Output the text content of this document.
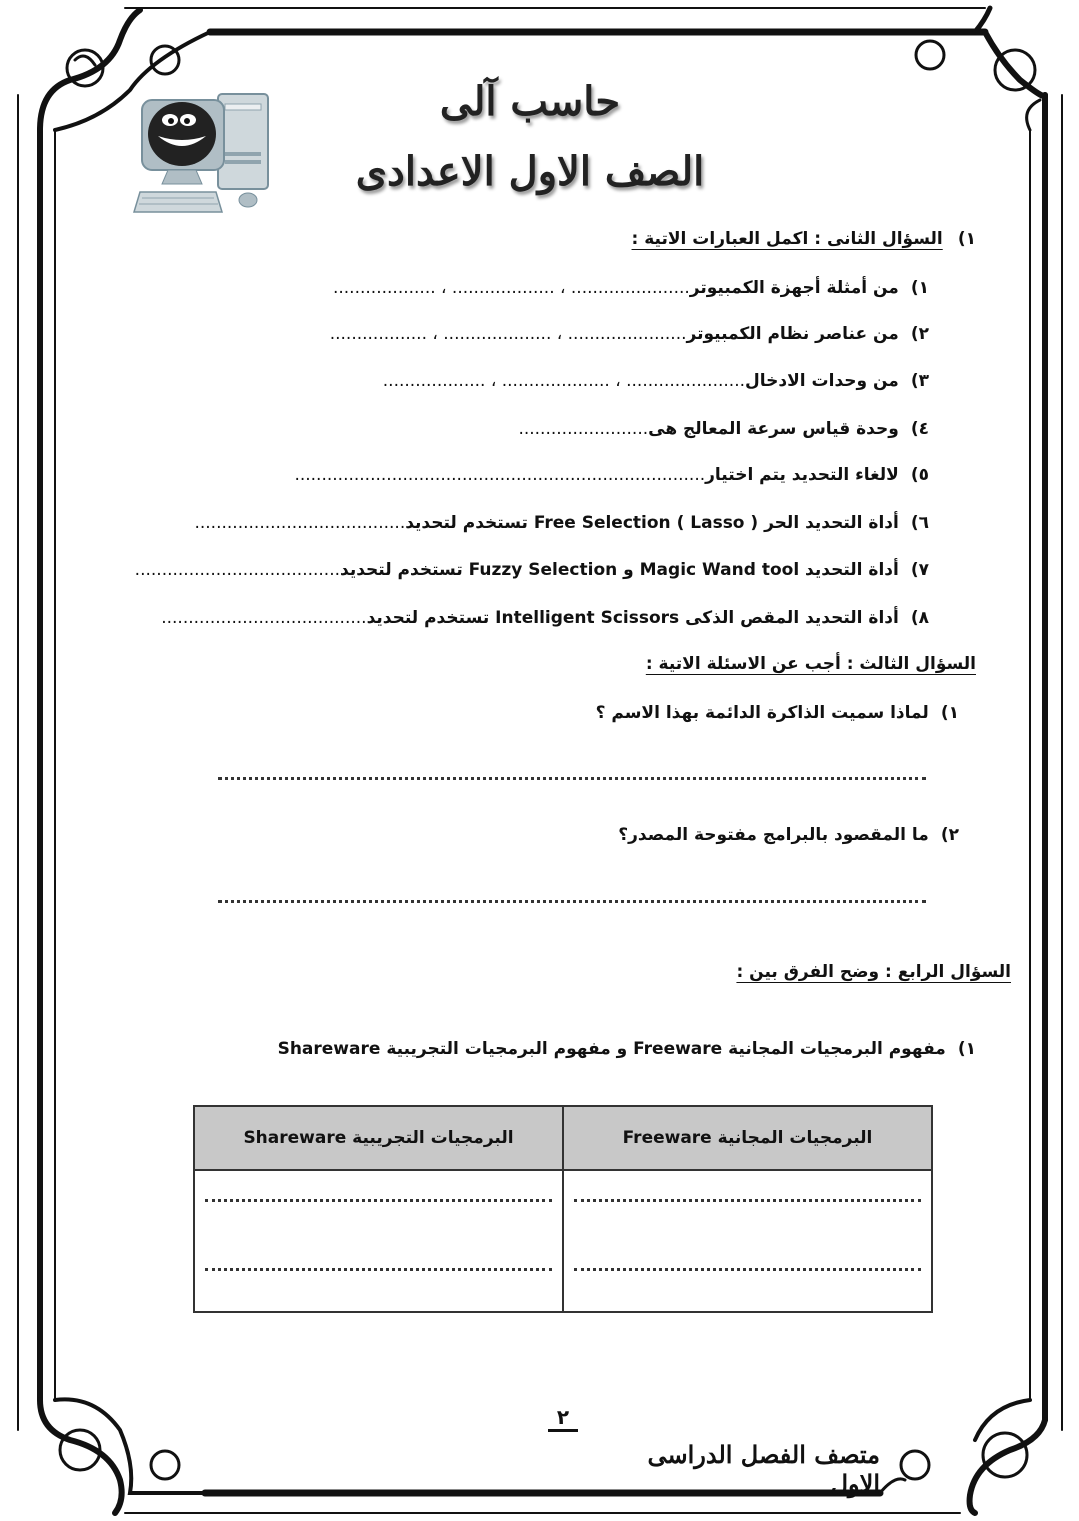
حاسب آلى
الصف الاول الاعدادى
١) السؤال الثانى : اكمل العبارات الاتية :
١)من أمثلة أجهزة الكمبيوتر...................... ، ................... ، ...................
٢)من عناصر نظام الكمبيوتر...................... ، .................... ، ..................
٣)من وحدات الادخال...................... ، .................... ، ...................
٤)وحدة قياس سرعة المعالج هى........................
٥)لالغاء التحديد يتم اختيار............................................................................
٦)أداة التحديد الحر ( Lasso ) Free Selection تستخدم لتحديد.......................................
٧)أداة التحديد Magic Wand tool و Fuzzy Selection تستخدم لتحديد......................................
٨)أداة التحديد المقص الذكى Intelligent Scissors تستخدم لتحديد......................................
السؤال الثالث : أجب عن الاسئلة الاتية :
١)لماذا سميت الذاكرة الدائمة بهذا الاسم ؟
٢)ما المقصود بالبرامج مفتوحة المصدر؟
السؤال الرابع : وضح الفرق بين :
١)مفهوم البرمجيات المجانية Freeware و مفهوم البرمجيات التجريبية Shareware
البرمجيات المجانية Freeware	البرمجيات التجريبية Shareware

٢
متصف الفصل الدراسى الاول
